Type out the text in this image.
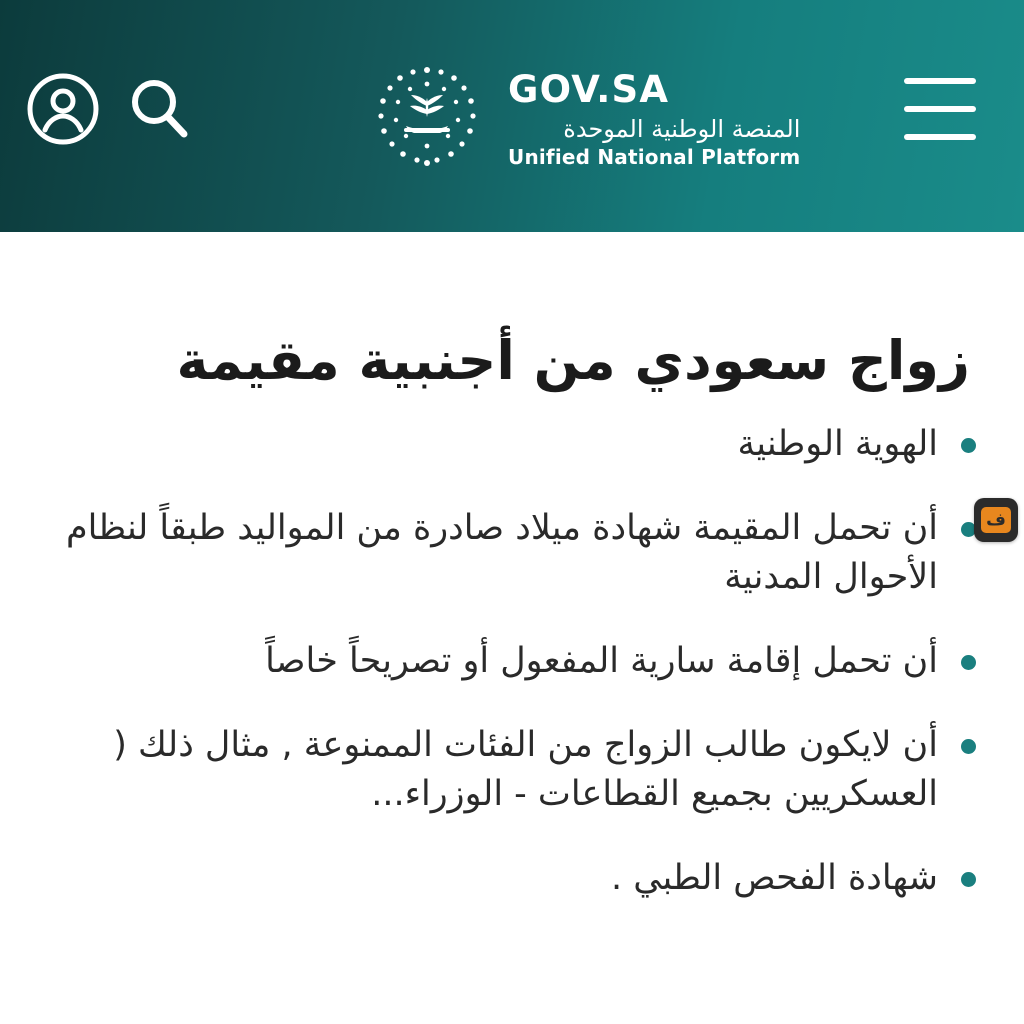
GOV.SA
المنصة الوطنية الموحدة
Unified National Platform
زواج سعودي من أجنبية مقيمة
الهوية الوطنية
أن تحمل المقيمة شهادة ميلاد صادرة من المواليد طبقاً لنظام الأحوال المدنية
أن تحمل إقامة سارية المفعول أو تصريحاً خاصاً
أن لايكون طالب الزواج من الفئات الممنوعة , مثال ذلك ( العسكريين بجميع القطاعات - الوزراء...
شهادة الفحص الطبي .
ف
